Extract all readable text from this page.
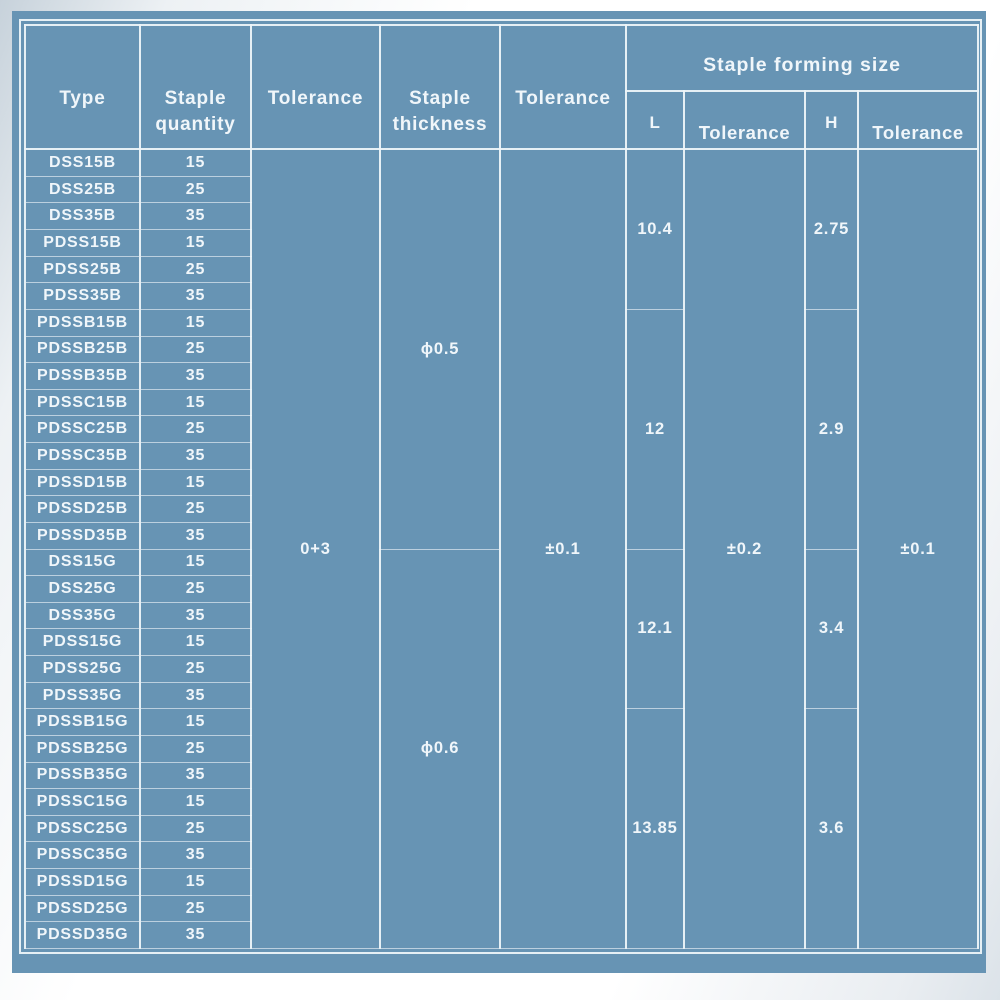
Type	Staple quantity	Tolerance	Staple thickness	Tolerance	Staple forming size			
					L	Tolerance	H	Tolerance
DSS15B	15	0+3	ϕ0.5	±0.1	10.4	±0.2	2.75	±0.1
DSS25B	25							
DSS35B	35							
PDSS15B	15							
PDSS25B	25							
PDSS35B	35							
PDSSB15B	15				12		2.9	
PDSSB25B	25							
PDSSB35B	35							
PDSSC15B	15							
PDSSC25B	25							
PDSSC35B	35							
PDSSD15B	15							
PDSSD25B	25							
PDSSD35B	35							
DSS15G	15		ϕ0.6		12.1		3.4	
DSS25G	25							
DSS35G	35							
PDSS15G	15							
PDSS25G	25							
PDSS35G	35							
PDSSB15G	15				13.85		3.6	
PDSSB25G	25							
PDSSB35G	35							
PDSSC15G	15							
PDSSC25G	25							
PDSSC35G	35							
PDSSD15G	15							
PDSSD25G	25							
PDSSD35G	35							
